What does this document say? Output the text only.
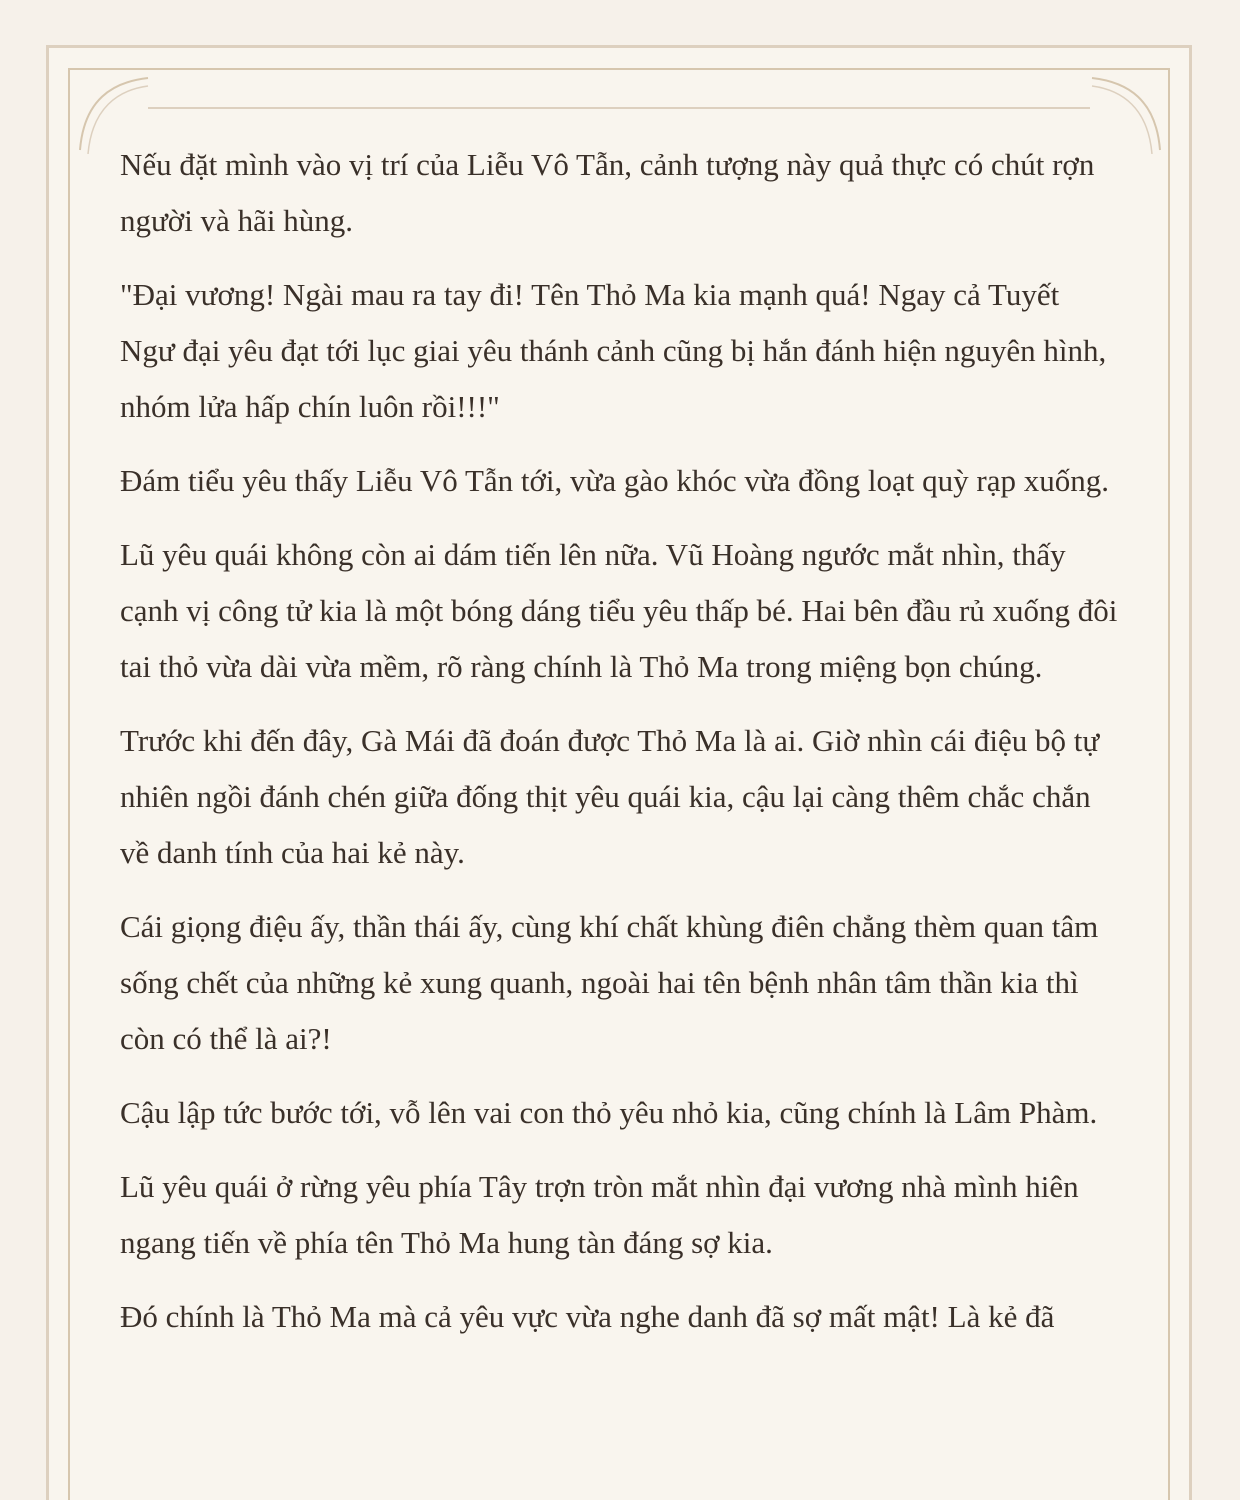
Nếu đặt mình vào vị trí của Liễu Vô Tẫn, cảnh tượng này quả thực có chút rợn người và hãi hùng.

"Đại vương! Ngài mau ra tay đi! Tên Thỏ Ma kia mạnh quá! Ngay cả Tuyết Ngư đại yêu đạt tới lục giai yêu thánh cảnh cũng bị hắn đánh hiện nguyên hình, nhóm lửa hấp chín luôn rồi!!!"

Đám tiểu yêu thấy Liễu Vô Tẫn tới, vừa gào khóc vừa đồng loạt quỳ rạp xuống.

Lũ yêu quái không còn ai dám tiến lên nữa. Vũ Hoàng ngước mắt nhìn, thấy cạnh vị công tử kia là một bóng dáng tiểu yêu thấp bé. Hai bên đầu rủ xuống đôi tai thỏ vừa dài vừa mềm, rõ ràng chính là Thỏ Ma trong miệng bọn chúng.

Trước khi đến đây, Gà Mái đã đoán được Thỏ Ma là ai. Giờ nhìn cái điệu bộ tự nhiên ngồi đánh chén giữa đống thịt yêu quái kia, cậu lại càng thêm chắc chắn về danh tính của hai kẻ này.

Cái giọng điệu ấy, thần thái ấy, cùng khí chất khùng điên chẳng thèm quan tâm sống chết của những kẻ xung quanh, ngoài hai tên bệnh nhân tâm thần kia thì còn có thể là ai?!

Cậu lập tức bước tới, vỗ lên vai con thỏ yêu nhỏ kia, cũng chính là Lâm Phàm.

Lũ yêu quái ở rừng yêu phía Tây trợn tròn mắt nhìn đại vương nhà mình hiên ngang tiến về phía tên Thỏ Ma hung tàn đáng sợ kia.

Đó chính là Thỏ Ma mà cả yêu vực vừa nghe danh đã sợ mất mật! Là kẻ đã
